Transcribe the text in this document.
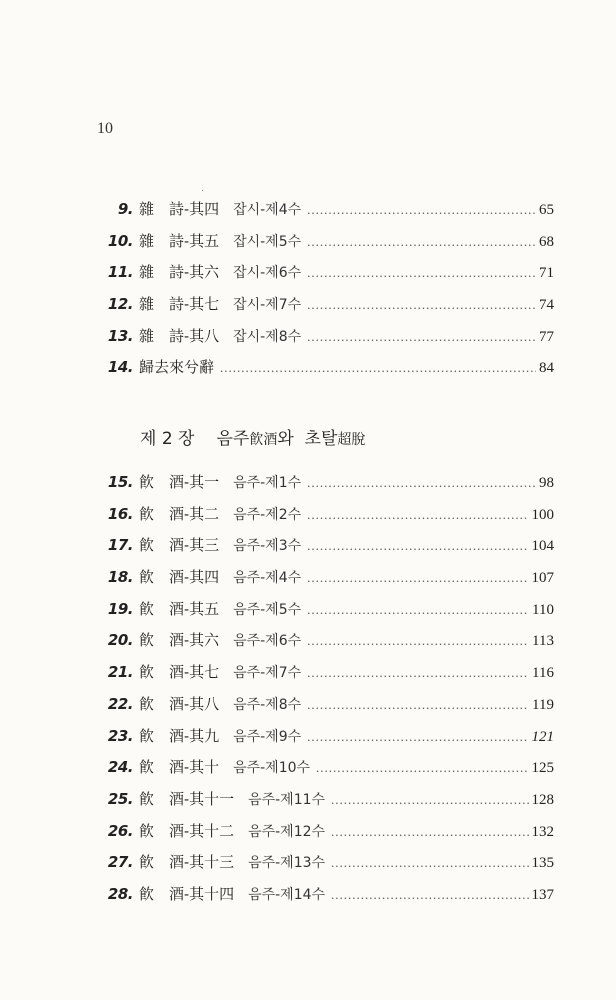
10
9. 雜　詩-其四 잡시-제4수 .....	65
10. 雜　詩-其五 잡시-제5수 .....	68
11. 雜　詩-其六 잡시-제6수 .....	71
12. 雜　詩-其七 잡시-제7수 .....	74
13. 雜　詩-其八 잡시-제8수 .....	77
14. 歸去來兮辭 .....	84
제 2 장 음주飮酒와  초탈超脫
15. 飮　酒-其一 음주-제1수 .....	98
16. 飮　酒-其二 음주-제2수 .....	100
17. 飮　酒-其三 음주-제3수 .....	104
18. 飮　酒-其四 음주-제4수 .....	107
19. 飮　酒-其五 음주-제5수 .....	110
20. 飮　酒-其六 음주-제6수 .....	113
21. 飮　酒-其七 음주-제7수 .....	116
22. 飮　酒-其八 음주-제8수 .....	119
23. 飮　酒-其九 음주-제9수 .....	121
24. 飮　酒-其十 음주-제10수 .....	125
25. 飮　酒-其十一 음주-제11수 .....	128
26. 飮　酒-其十二 음주-제12수 .....	132
27. 飮　酒-其十三 음주-제13수 .....	135
28. 飮　酒-其十四 음주-제14수 .....	137
